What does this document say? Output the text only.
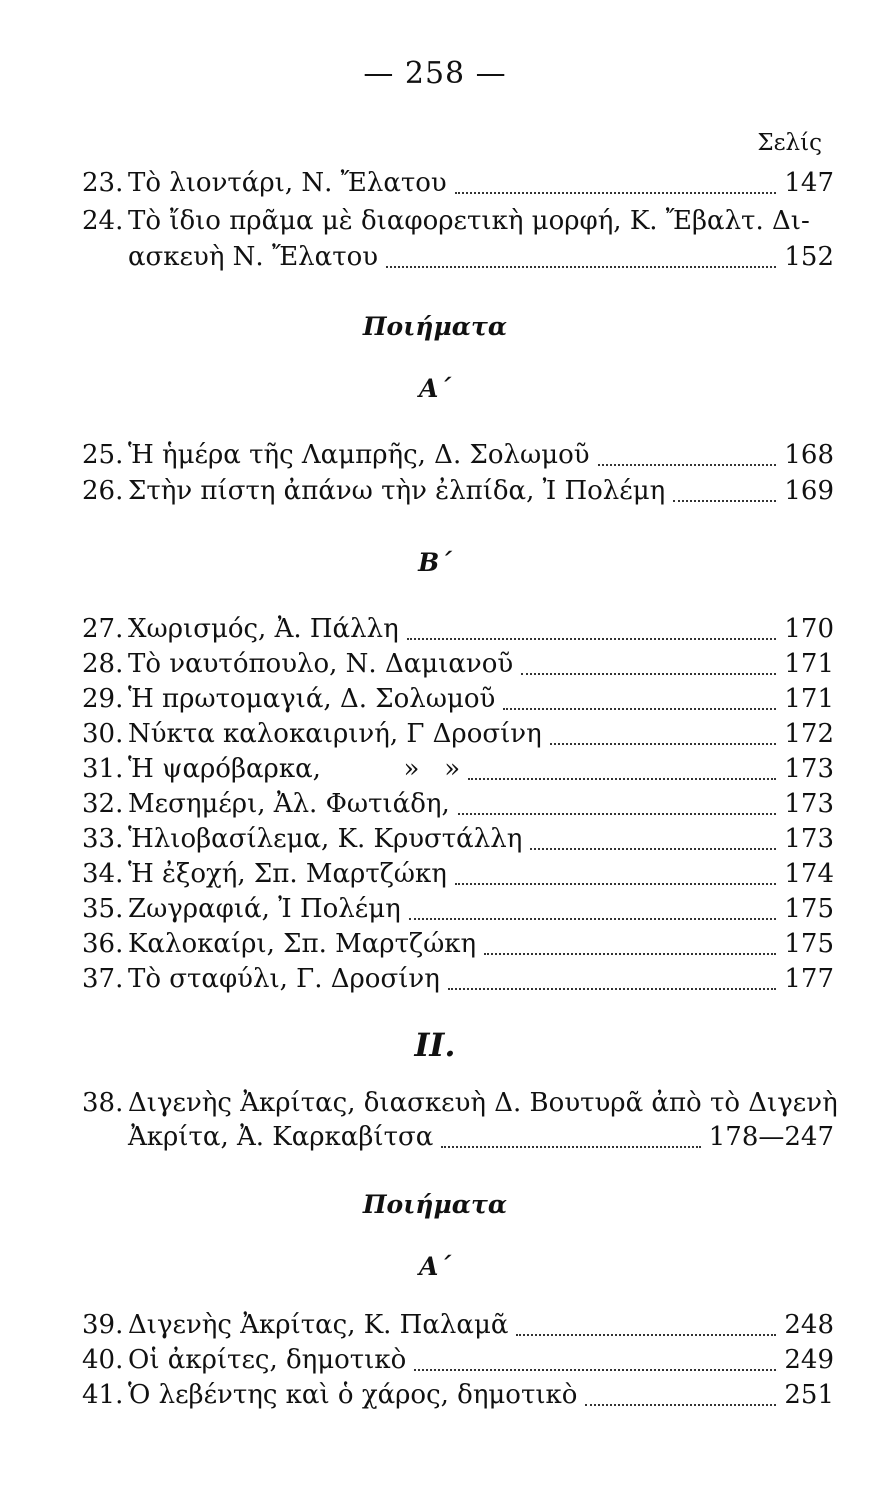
— 258 —
Σελίς
23. Τὸ λιοντάρι, Ν. Ἔλατου	147
24. Τὸ ἴδιο πρᾶμα μὲ διαφορετικὴ μορφή, Κ. Ἔβαλτ. Δι-
ασκευὴ Ν. Ἔλατου	152
Ποιήματα
Α΄
25. Ἡ ἡμέρα τῆς Λαμπρῆς, Δ. Σολωμοῦ	168
26. Στὴν πίστη ἀπάνω τὴν ἐλπίδα, Ἰ Πολέμη	169
Β΄
27. Χωρισμός, Ἀ. Πάλλη	170
28. Τὸ ναυτόπουλο, Ν. Δαμιανοῦ	171
29. Ἡ πρωτομαγιά, Δ. Σολωμοῦ	171
30. Νύκτα καλοκαιρινή, Γ Δροσίνη	172
31. Ἡ ψαρόβαρκα,          »   »	173
32. Μεσημέρι, Ἀλ. Φωτιάδη,	173
33. Ἡλιοβασίλεμα, Κ. Κρυστάλλη	173
34. Ἡ ἐξοχή, Σπ. Μαρτζώκη	174
35. Ζωγραφιά, Ἰ Πολέμη	175
36. Καλοκαίρι, Σπ. Μαρτζώκη	175
37. Τὸ σταφύλι, Γ. Δροσίνη	177
ΙΙ.
38. Διγενὴς Ἀκρίτας, διασκευὴ Δ. Βουτυρᾶ ἀπὸ τὸ Διγενὴ
Ἀκρίτα, Ἀ. Καρκαβίτσα	178—247
Ποιήματα
Α΄
39. Διγενὴς Ἀκρίτας, Κ. Παλαμᾶ	248
40. Οἱ ἀκρίτες, δημοτικὸ	249
41. Ὁ λεβέντης καὶ ὁ χάρος, δημοτικὸ	251
